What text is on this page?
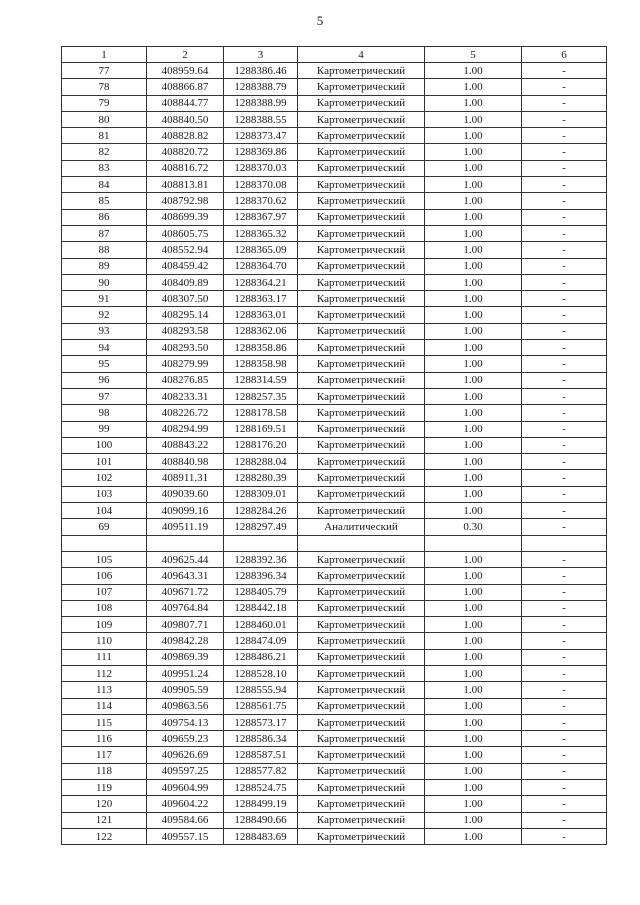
5
1	2	3	4	5	6
77	408959.64	1288386.46	Картометрический	1.00	-
78	408866.87	1288388.79	Картометрический	1.00	-
79	408844.77	1288388.99	Картометрический	1.00	-
80	408840.50	1288388.55	Картометрический	1.00	-
81	408828.82	1288373.47	Картометрический	1.00	-
82	408820.72	1288369.86	Картометрический	1.00	-
83	408816.72	1288370.03	Картометрический	1.00	-
84	408813.81	1288370.08	Картометрический	1.00	-
85	408792.98	1288370.62	Картометрический	1.00	-
86	408699.39	1288367.97	Картометрический	1.00	-
87	408605.75	1288365.32	Картометрический	1.00	-
88	408552.94	1288365.09	Картометрический	1.00	-
89	408459.42	1288364.70	Картометрический	1.00	-
90	408409.89	1288364.21	Картометрический	1.00	-
91	408307.50	1288363.17	Картометрический	1.00	-
92	408295.14	1288363.01	Картометрический	1.00	-
93	408293.58	1288362.06	Картометрический	1.00	-
94	408293.50	1288358.86	Картометрический	1.00	-
95	408279.99	1288358.98	Картометрический	1.00	-
96	408276.85	1288314.59	Картометрический	1.00	-
97	408233.31	1288257.35	Картометрический	1.00	-
98	408226.72	1288178.58	Картометрический	1.00	-
99	408294.99	1288169.51	Картометрический	1.00	-
100	408843.22	1288176.20	Картометрический	1.00	-
101	408840.98	1288288.04	Картометрический	1.00	-
102	408911.31	1288280.39	Картометрический	1.00	-
103	409039.60	1288309.01	Картометрический	1.00	-
104	409099.16	1288284.26	Картометрический	1.00	-
69	409511.19	1288297.49	Аналитический	0.30	-

105	409625.44	1288392.36	Картометрический	1.00	-
106	409643.31	1288396.34	Картометрический	1.00	-
107	409671.72	1288405.79	Картометрический	1.00	-
108	409764.84	1288442.18	Картометрический	1.00	-
109	409807.71	1288460.01	Картометрический	1.00	-
110	409842.28	1288474.09	Картометрический	1.00	-
111	409869.39	1288486.21	Картометрический	1.00	-
112	409951.24	1288528.10	Картометрический	1.00	-
113	409905.59	1288555.94	Картометрический	1.00	-
114	409863.56	1288561.75	Картометрический	1.00	-
115	409754.13	1288573.17	Картометрический	1.00	-
116	409659.23	1288586.34	Картометрический	1.00	-
117	409626.69	1288587.51	Картометрический	1.00	-
118	409597.25	1288577.82	Картометрический	1.00	-
119	409604.99	1288524.75	Картометрический	1.00	-
120	409604.22	1288499.19	Картометрический	1.00	-
121	409584.66	1288490.66	Картометрический	1.00	-
122	409557.15	1288483.69	Картометрический	1.00	-
